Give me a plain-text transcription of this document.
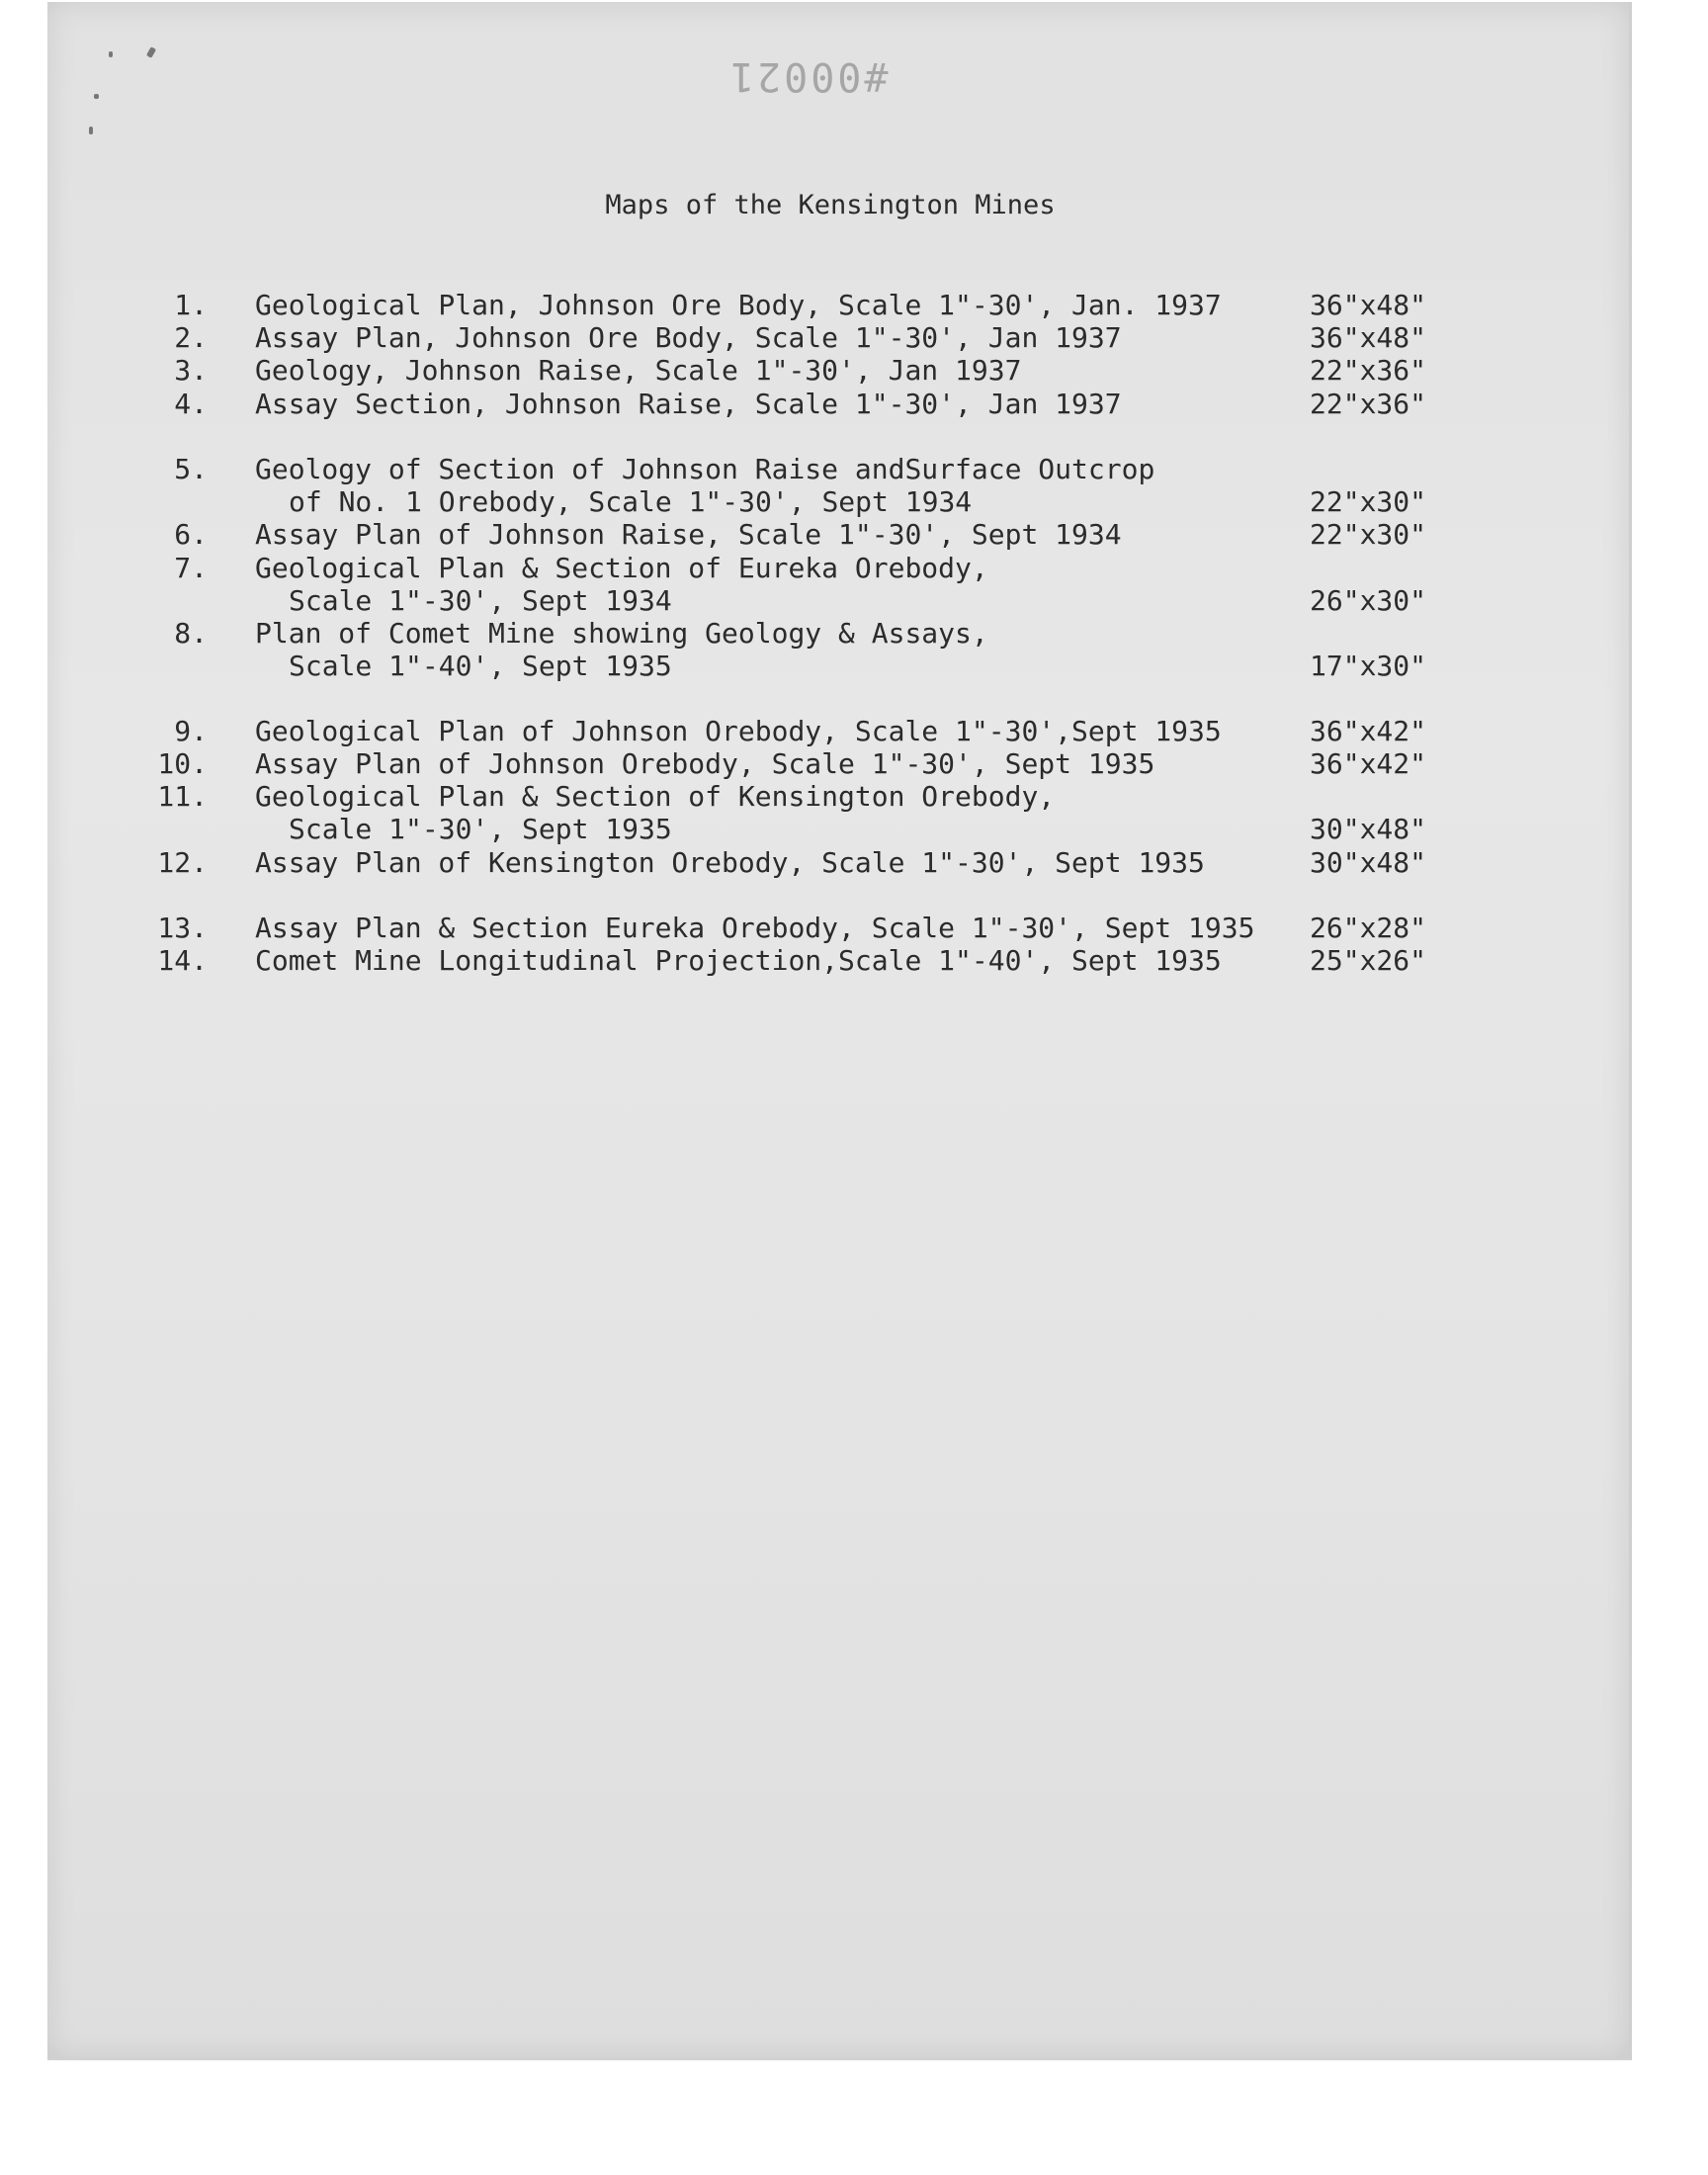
#00021
Maps of the Kensington Mines
1. Geological Plan, Johnson Ore Body, Scale 1"-30', Jan. 1937	36"x48"
2. Assay Plan, Johnson Ore Body, Scale 1"-30', Jan 1937	36"x48"
3. Geology, Johnson Raise, Scale 1"-30', Jan 1937	22"x36"
4. Assay Section, Johnson Raise, Scale 1"-30', Jan 1937	22"x36"
5. Geology of Section of Johnson Raise andSurface Outcrop
of No. 1 Orebody, Scale 1"-30', Sept 1934	22"x30"
6. Assay Plan of Johnson Raise, Scale 1"-30', Sept 1934	22"x30"
7. Geological Plan & Section of Eureka Orebody,
Scale 1"-30', Sept 1934	26"x30"
8. Plan of Comet Mine showing Geology & Assays,
Scale 1"-40', Sept 1935	17"x30"
9. Geological Plan of Johnson Orebody, Scale 1"-30',Sept 1935	36"x42"
10. Assay Plan of Johnson Orebody, Scale 1"-30', Sept 1935	36"x42"
11. Geological Plan & Section of Kensington Orebody,
Scale 1"-30', Sept 1935	30"x48"
12. Assay Plan of Kensington Orebody, Scale 1"-30', Sept 1935	30"x48"
13. Assay Plan & Section Eureka Orebody, Scale 1"-30', Sept 1935 26"x28"
14. Comet Mine Longitudinal Projection,Scale 1"-40', Sept 1935	25"x26"
